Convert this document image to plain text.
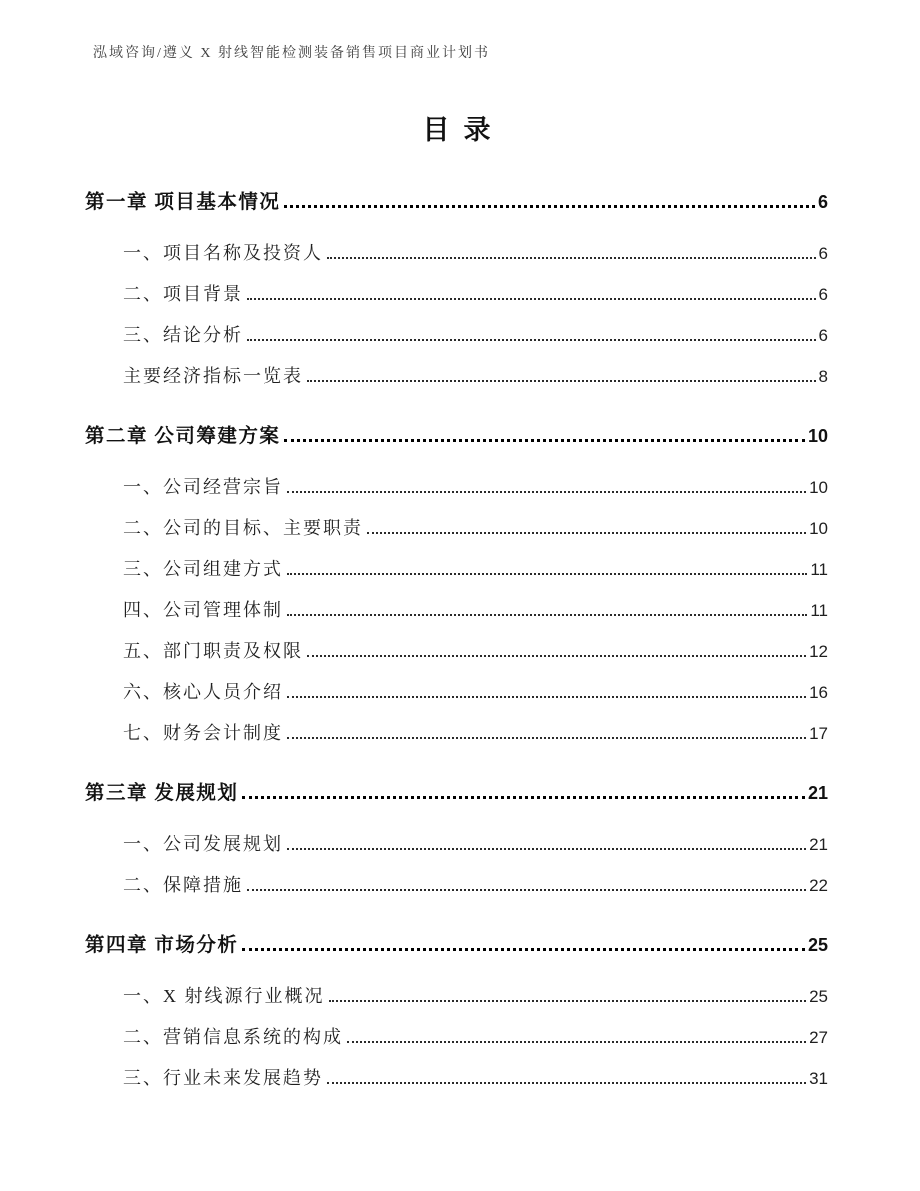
泓域咨询/遵义 X 射线智能检测装备销售项目商业计划书
目录
第一章 项目基本情况	6
一、项目名称及投资人	6
二、项目背景	6
三、结论分析	6
主要经济指标一览表	8
第二章 公司筹建方案	10
一、公司经营宗旨	10
二、公司的目标、主要职责	10
三、公司组建方式	11
四、公司管理体制	11
五、部门职责及权限	12
六、核心人员介绍	16
七、财务会计制度	17
第三章 发展规划	21
一、公司发展规划	21
二、保障措施	22
第四章 市场分析	25
一、X 射线源行业概况	25
二、营销信息系统的构成	27
三、行业未来发展趋势	31
